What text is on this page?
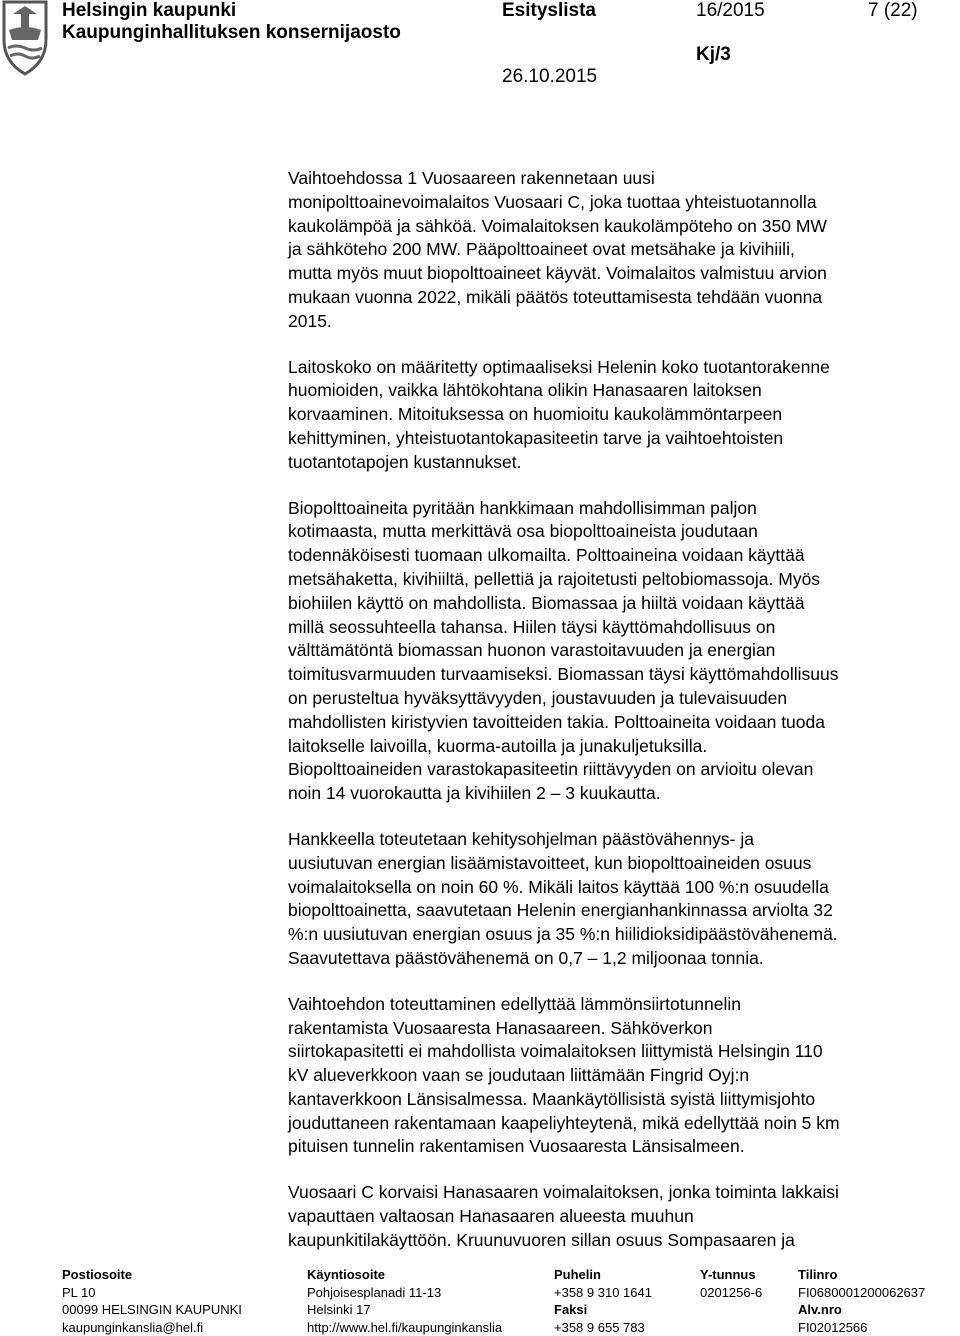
Helsingin kaupunki
Kaupunginhallituksen konsernijaosto
Esityslista
26.10.2015
16/2015
Kj/3
7 (22)

Vaihtoehdossa 1 Vuosaareen rakennetaan uusi
monipolttoainevoimalaitos Vuosaari C, joka tuottaa yhteistuotannolla
kaukolämpöä ja sähköä. Voimalaitoksen kaukolämpöteho on 350 MW
ja sähköteho 200 MW. Pääpolttoaineet ovat metsähake ja kivihiili,
mutta myös muut biopolttoaineet käyvät. Voimalaitos valmistuu arvion
mukaan vuonna 2022, mikäli päätös toteuttamisesta tehdään vuonna
2015.

Laitoskoko on määritetty optimaaliseksi Helenin koko tuotantorakenne
huomioiden, vaikka lähtökohtana olikin Hanasaaren laitoksen
korvaaminen. Mitoituksessa on huomioitu kaukolämmöntarpeen
kehittyminen, yhteistuotantokapasiteetin tarve ja vaihtoehtoisten
tuotantotapojen kustannukset.

Biopolttoaineita pyritään hankkimaan mahdollisimman paljon
kotimaasta, mutta merkittävä osa biopolttoaineista joudutaan
todennäköisesti tuomaan ulkomailta. Polttoaineina voidaan käyttää
metsähaketta, kivihiiltä, pellettiä ja rajoitetusti peltobiomassoja. Myös
biohiilen käyttö on mahdollista. Biomassaa ja hiiltä voidaan käyttää
millä seossuhteella tahansa. Hiilen täysi käyttömahdollisuus on
välttämätöntä biomassan huonon varastoitavuuden ja energian
toimitusvarmuuden turvaamiseksi. Biomassan täysi käyttömahdollisuus
on perusteltua hyväksyttävyyden, joustavuuden ja tulevaisuuden
mahdollisten kiristyvien tavoitteiden takia. Polttoaineita voidaan tuoda
laitokselle laivoilla, kuorma-autoilla ja junakuljetuksilla.
Biopolttoaineiden varastokapasiteetin riittävyyden on arvioitu olevan
noin 14 vuorokautta ja kivihiilen 2 – 3 kuukautta.

Hankkeella toteutetaan kehitysohjelman päästövähennys- ja
uusiutuvan energian lisäämistavoitteet, kun biopolttoaineiden osuus
voimalaitoksella on noin 60 %. Mikäli laitos käyttää 100 %:n osuudella
biopolttoainetta, saavutetaan Helenin energianhankinnassa arviolta 32
%:n uusiutuvan energian osuus ja 35 %:n hiilidioksidipäästövähenemä.
Saavutettava päästövähenemä on 0,7 – 1,2 miljoonaa tonnia.

Vaihtoehdon toteuttaminen edellyttää lämmönsiirtotunnelin
rakentamista Vuosaaresta Hanasaareen. Sähköverkon
siirtokapasitetti ei mahdollista voimalaitoksen liittymistä Helsingin 110
kV alueverkkoon vaan se joudutaan liittämään Fingrid Oyj:n
kantaverkkoon Länsisalmessa. Maankäytöllisistä syistä liittymisjohto
jouduttaneen rakentamaan kaapeliyhteytenä, mikä edellyttää noin 5 km
pituisen tunnelin rakentamisen Vuosaaresta Länsisalmeen.

Vuosaari C korvaisi Hanasaaren voimalaitoksen, jonka toiminta lakkaisi
vapauttaen valtaosan Hanasaaren alueesta muuhun
kaupunkitilakäyttöön. Kruunuvuoren sillan osuus Sompasaaren ja

Postiosoite
PL 10
00099 HELSINGIN KAUPUNKI
kaupunginkanslia@hel.fi
Käyntiosoite
Pohjoisesplanadi 11-13
Helsinki 17
http://www.hel.fi/kaupunginkanslia
Puhelin
+358 9 310 1641
Faksi
+358 9 655 783
Y-tunnus
0201256-6
Tilinro
FI0680001200062637
Alv.nro
FI02012566
